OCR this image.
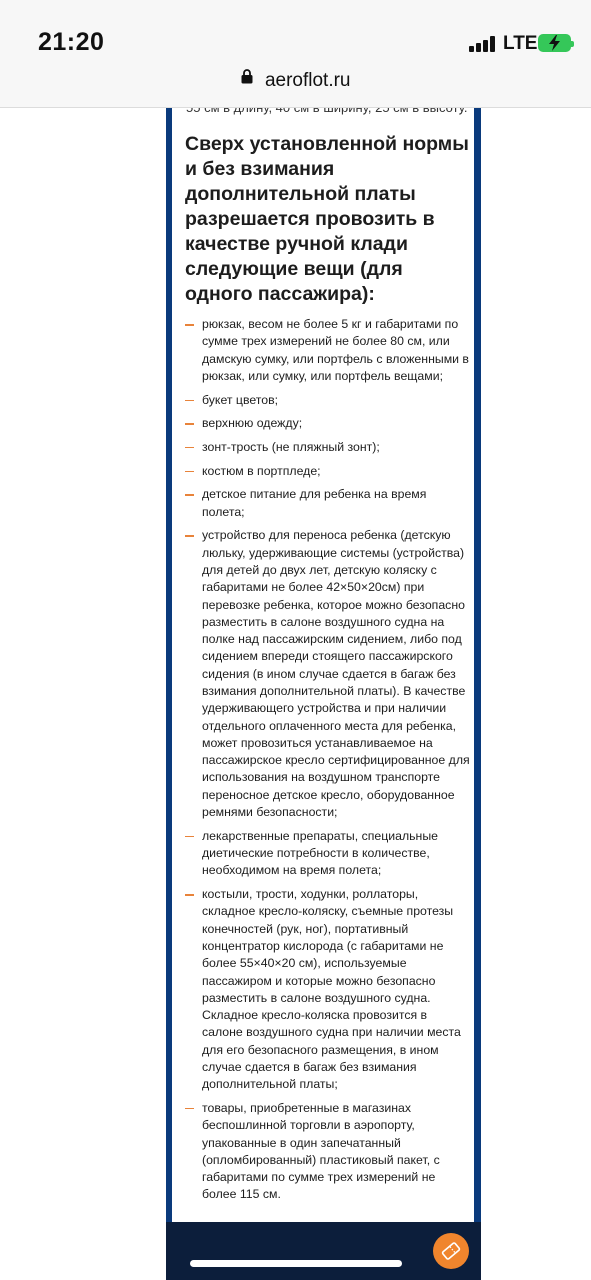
21:20	LTE
aeroflot.ru
Сверх установленной нормы и без взимания дополнительной платы разрешается провозить в качестве ручной клади следующие вещи (для одного пассажира):
рюкзак, весом не более 5 кг и габаритами по сумме трех измерений не более 80 см, или дамскую сумку, или портфель с вложенными в рюкзак, или сумку, или портфель вещами;
букет цветов;
верхнюю одежду;
зонт-трость (не пляжный зонт);
костюм в портпледе;
детское питание для ребенка на время полета;
устройство для переноса ребенка (детскую люльку, удерживающие системы (устройства) для детей до двух лет, детскую коляску с габаритами не более 42×50×20см) при перевозке ребенка, которое можно безопасно разместить в салоне воздушного судна на полке над пассажирским сидением, либо под сидением впереди стоящего пассажирского сидения (в ином случае сдается в багаж без взимания дополнительной платы). В качестве удерживающего устройства и при наличии отдельного оплаченного места для ребенка, может провозиться устанавливаемое на пассажирское кресло сертифицированное для использования на воздушном транспорте переносное детское кресло, оборудованное ремнями безопасности;
лекарственные препараты, специальные диетические потребности в количестве, необходимом на время полета;
костыли, трости, ходунки, роллаторы, складное кресло-коляску, съемные протезы конечностей (рук, ног), портативный концентратор кислорода (с габаритами не более 55×40×20 см), используемые пассажиром и которые можно безопасно разместить в салоне воздушного судна. Складное кресло-коляска провозится в салоне воздушного судна при наличии места для его безопасного размещения, в ином случае сдается в багаж без взимания дополнительной платы;
товары, приобретенные в магазинах беспошлинной торговли в аэропорту, упакованные в один запечатанный (опломбированный) пластиковый пакет, с габаритами по сумме трех измерений не более 115 см.
